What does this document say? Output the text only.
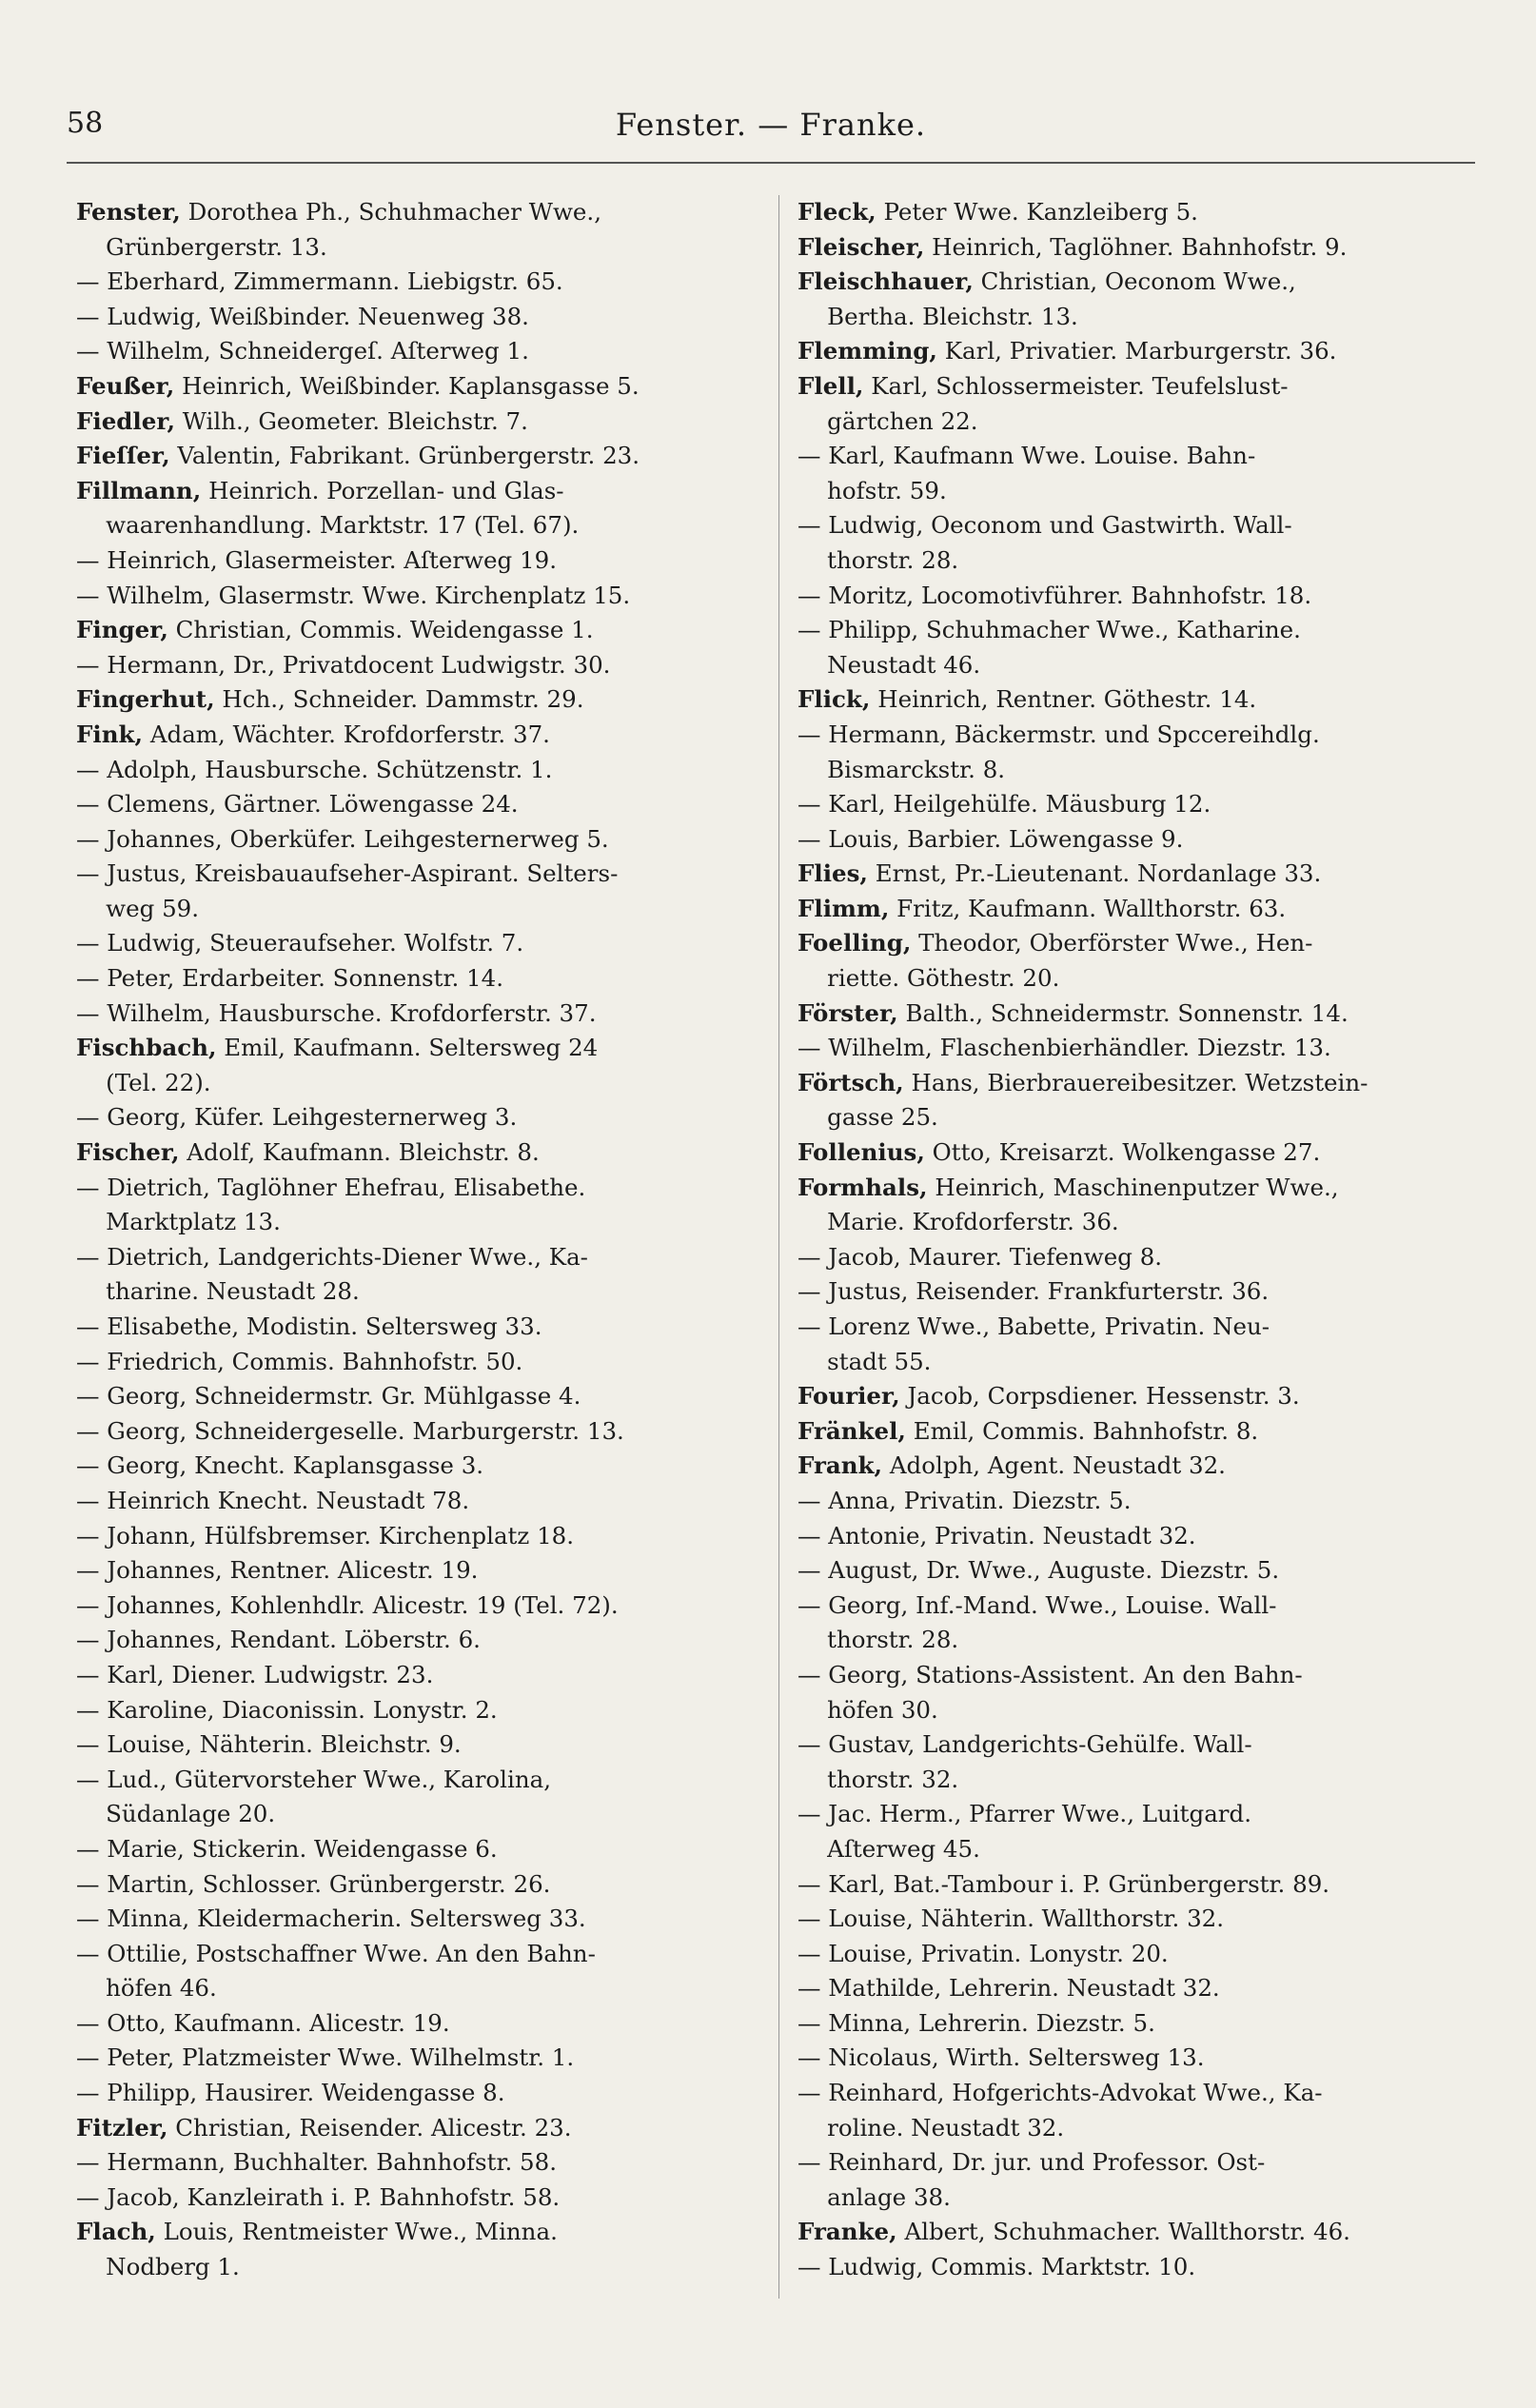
58	Fenster. — Franke.
Fenster, Dorothea Ph., Schuhmacher Wwe.,
Grünbergerstr. 13.
— Eberhard, Zimmermann. Liebigstr. 65.
— Ludwig, Weißbinder. Neuenweg 38.
— Wilhelm, Schneidergeſ. Aſterweg 1.
Feußer, Heinrich, Weißbinder. Kaplansgasse 5.
Fiedler, Wilh., Geometer. Bleichstr. 7.
Fieſſer, Valentin, Fabrikant. Grünbergerstr. 23.
Fillmann, Heinrich. Porzellan- und Glas-
waarenhandlung. Marktstr. 17 (Tel. 67).
— Heinrich, Glasermeister. Aſterweg 19.
— Wilhelm, Glasermstr. Wwe. Kirchenplatz 15.
Finger, Christian, Commis. Weidengasse 1.
— Hermann, Dr., Privatdocent Ludwigstr. 30.
Fingerhut, Hch., Schneider. Dammstr. 29.
Fink, Adam, Wächter. Krofdorferstr. 37.
— Adolph, Hausbursche. Schützenstr. 1.
— Clemens, Gärtner. Löwengasse 24.
— Johannes, Oberküfer. Leihgesternerweg 5.
— Justus, Kreisbauaufseher-Aspirant. Selters-
weg 59.
— Ludwig, Steueraufseher. Wolfstr. 7.
— Peter, Erdarbeiter. Sonnenstr. 14.
— Wilhelm, Hausbursche. Krofdorferstr. 37.
Fischbach, Emil, Kaufmann. Seltersweg 24
(Tel. 22).
— Georg, Küfer. Leihgesternerweg 3.
Fischer, Adolf, Kaufmann. Bleichstr. 8.
— Dietrich, Taglöhner Ehefrau, Elisabethe.
Marktplatz 13.
— Dietrich, Landgerichts-Diener Wwe., Ka-
tharine. Neustadt 28.
— Elisabethe, Modistin. Seltersweg 33.
— Friedrich, Commis. Bahnhofstr. 50.
— Georg, Schneidermstr. Gr. Mühlgasse 4.
— Georg, Schneidergeselle. Marburgerstr. 13.
— Georg, Knecht. Kaplansgasse 3.
— Heinrich Knecht. Neustadt 78.
— Johann, Hülfsbremser. Kirchenplatz 18.
— Johannes, Rentner. Alicestr. 19.
— Johannes, Kohlenhdlr. Alicestr. 19 (Tel. 72).
— Johannes, Rendant. Löberstr. 6.
— Karl, Diener. Ludwigstr. 23.
— Karoline, Diaconissin. Lonystr. 2.
— Louise, Nähterin. Bleichstr. 9.
— Lud., Gütervorsteher Wwe., Karolina,
Südanlage 20.
— Marie, Stickerin. Weidengasse 6.
— Martin, Schlosser. Grünbergerstr. 26.
— Minna, Kleidermacherin. Seltersweg 33.
— Ottilie, Postschaffner Wwe. An den Bahn-
höfen 46.
— Otto, Kaufmann. Alicestr. 19.
— Peter, Platzmeister Wwe. Wilhelmstr. 1.
— Philipp, Hausirer. Weidengasse 8.
Fitzler, Christian, Reisender. Alicestr. 23.
— Hermann, Buchhalter. Bahnhofstr. 58.
— Jacob, Kanzleirath i. P. Bahnhofstr. 58.
Flach, Louis, Rentmeister Wwe., Minna.
Nodberg 1.
Fleck, Peter Wwe. Kanzleiberg 5.
Fleischer, Heinrich, Taglöhner. Bahnhofstr. 9.
Fleischhauer, Christian, Oeconom Wwe.,
Bertha. Bleichstr. 13.
Flemming, Karl, Privatier. Marburgerstr. 36.
Flell, Karl, Schlossermeister. Teufelslust-
gärtchen 22.
— Karl, Kaufmann Wwe. Louise. Bahn-
hofstr. 59.
— Ludwig, Oeconom und Gastwirth. Wall-
thorstr. 28.
— Moritz, Locomotivführer. Bahnhofstr. 18.
— Philipp, Schuhmacher Wwe., Katharine.
Neustadt 46.
Flick, Heinrich, Rentner. Göthestr. 14.
— Hermann, Bäckermstr. und Spccereihdlg.
Bismarckstr. 8.
— Karl, Heilgehülfe. Mäusburg 12.
— Louis, Barbier. Löwengasse 9.
Flies, Ernst, Pr.-Lieutenant. Nordanlage 33.
Flimm, Fritz, Kaufmann. Wallthorstr. 63.
Foelling, Theodor, Oberförster Wwe., Hen-
riette. Göthestr. 20.
Förster, Balth., Schneidermstr. Sonnenstr. 14.
— Wilhelm, Flaschenbierhändler. Diezstr. 13.
Förtsch, Hans, Bierbrauereibesitzer. Wetzstein-
gasse 25.
Follenius, Otto, Kreisarzt. Wolkengasse 27.
Formhals, Heinrich, Maschinenputzer Wwe.,
Marie. Krofdorferstr. 36.
— Jacob, Maurer. Tiefenweg 8.
— Justus, Reisender. Frankfurterstr. 36.
— Lorenz Wwe., Babette, Privatin. Neu-
stadt 55.
Fourier, Jacob, Corpsdiener. Hessenstr. 3.
Fränkel, Emil, Commis. Bahnhofstr. 8.
Frank, Adolph, Agent. Neustadt 32.
— Anna, Privatin. Diezstr. 5.
— Antonie, Privatin. Neustadt 32.
— August, Dr. Wwe., Auguste. Diezstr. 5.
— Georg, Inf.-Mand. Wwe., Louise. Wall-
thorstr. 28.
— Georg, Stations-Assistent. An den Bahn-
höfen 30.
— Gustav, Landgerichts-Gehülfe. Wall-
thorstr. 32.
— Jac. Herm., Pfarrer Wwe., Luitgard.
Aſterweg 45.
— Karl, Bat.-Tambour i. P. Grünbergerstr. 89.
— Louise, Nähterin. Wallthorstr. 32.
— Louise, Privatin. Lonystr. 20.
— Mathilde, Lehrerin. Neustadt 32.
— Minna, Lehrerin. Diezstr. 5.
— Nicolaus, Wirth. Seltersweg 13.
— Reinhard, Hofgerichts-Advokat Wwe., Ka-
roline. Neustadt 32.
— Reinhard, Dr. jur. und Professor. Ost-
anlage 38.
Franke, Albert, Schuhmacher. Wallthorstr. 46.
— Ludwig, Commis. Marktstr. 10.
